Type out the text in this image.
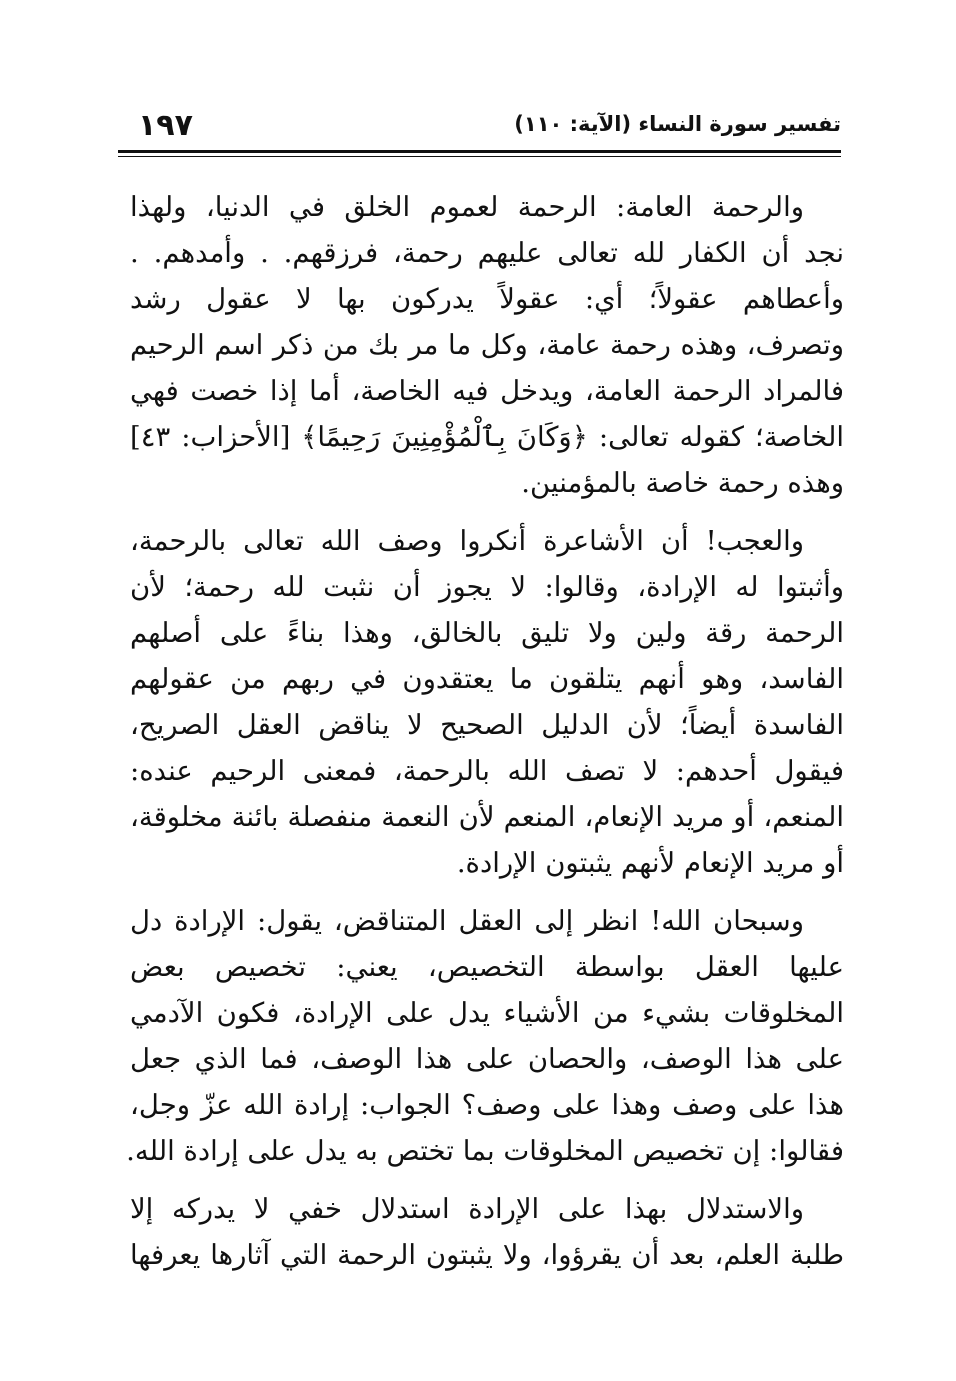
تفسير سورة النساء (الآية: ١١٠)
١٩٧
والرحمة العامة: الرحمة لعموم الخلق في الدنيا، ولهذا
نجد أن الكفار لله تعالى عليهم رحمة، فرزقهم. . وأمدهم. .
وأعطاهم عقولاً؛ أي: عقولاً يدركون بها لا عقول رشد
وتصرف، وهذه رحمة عامة، وكل ما مر بك من ذكر اسم الرحيم
فالمراد الرحمة العامة، ويدخل فيه الخاصة، أما إذا خصت فهي
الخاصة؛ كقوله تعالى: ﴿وَكَانَ بِٱلْمُؤْمِنِينَ رَحِيمًا﴾ [الأحزاب: ٤٣]
وهذه رحمة خاصة بالمؤمنين.
والعجب! أن الأشاعرة أنكروا وصف الله تعالى بالرحمة،
وأثبتوا له الإرادة، وقالوا: لا يجوز أن نثبت لله رحمة؛ لأن
الرحمة رقة ولين ولا تليق بالخالق، وهذا بناءً على أصلهم
الفاسد، وهو أنهم يتلقون ما يعتقدون في ربهم من عقولهم
الفاسدة أيضاً؛ لأن الدليل الصحيح لا يناقض العقل الصريح،
فيقول أحدهم: لا تصف الله بالرحمة، فمعنى الرحيم عنده:
المنعم، أو مريد الإنعام، المنعم لأن النعمة منفصلة بائنة مخلوقة،
أو مريد الإنعام لأنهم يثبتون الإرادة.
وسبحان الله! انظر إلى العقل المتناقض، يقول: الإرادة دل
عليها العقل بواسطة التخصيص، يعني: تخصيص بعض
المخلوقات بشيء من الأشياء يدل على الإرادة، فكون الآدمي
على هذا الوصف، والحصان على هذا الوصف، فما الذي جعل
هذا على وصف وهذا على وصف؟ الجواب: إرادة الله عزّ وجل،
فقالوا: إن تخصيص المخلوقات بما تختص به يدل على إرادة الله.
والاستدلال بهذا على الإرادة استدلال خفي لا يدركه إلا
طلبة العلم، بعد أن يقرؤوا، ولا يثبتون الرحمة التي آثارها يعرفها
